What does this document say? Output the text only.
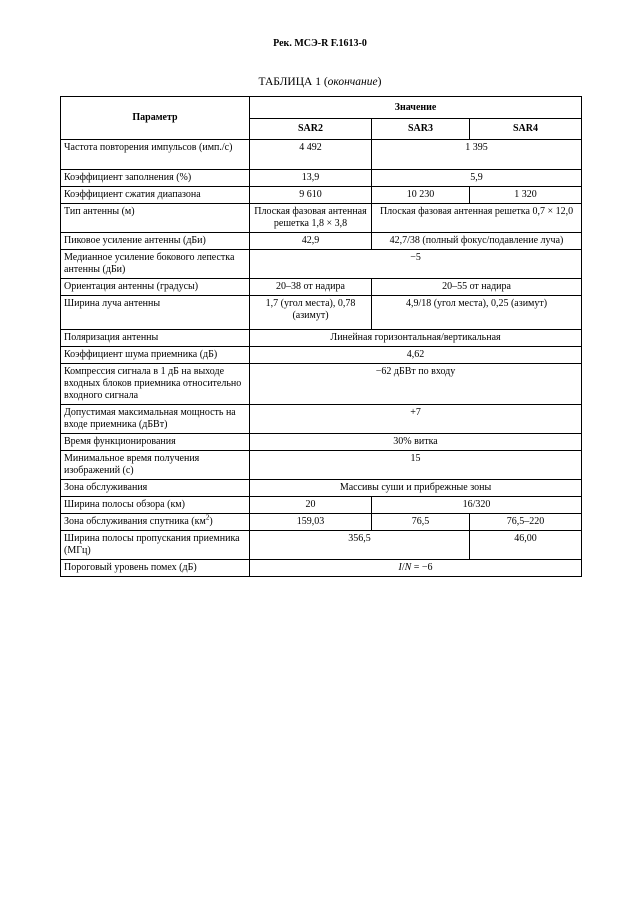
Рек. МСЭ-R F.1613-0
ТАБЛИЦА 1 (окончание)
Параметр	Значение		
	SAR2	SAR3	SAR4
Частота повторения импульсов (имп./с)	4 492	1 395	
Коэффициент заполнения (%)	13,9	5,9	
Коэффициент сжатия диапазона	9 610	10 230	1 320
Тип антенны (м)	Плоская фазовая антенная решетка 1,8 × 3,8	Плоская фазовая антенная решетка 0,7 × 12,0	
Пиковое усиление антенны (дБи)	42,9	42,7/38 (полный фокус/подавление луча)	
Медианное усиление бокового лепестка антенны (дБи)	−5		
Ориентация антенны (градусы)	20–38 от надира	20–55 от надира	
Ширина луча антенны	1,7 (угол места), 0,78 (азимут)	4,9/18 (угол места), 0,25 (азимут)	
Поляризация антенны	Линейная горизонтальная/вертикальная		
Коэффициент шума приемника (дБ)	4,62		
Компрессия сигнала в 1 дБ на выходе входных блоков приемника относительно входного сигнала	−62 дБВт по входу		
Допустимая максимальная мощность на входе приемника (дБВт)	+7		
Время функционирования	30% витка		
Минимальное время получения изображений (с)	15		
Зона обслуживания	Массивы суши и прибрежные зоны		
Ширина полосы обзора (км)	20	16/320	
Зона обслуживания спутника $(км^2)$	159,03	76,5	76,5–220
Ширина полосы пропускания приемника (МГц)	356,5		46,00
Пороговый уровень помех (дБ)	I/N = −6		
